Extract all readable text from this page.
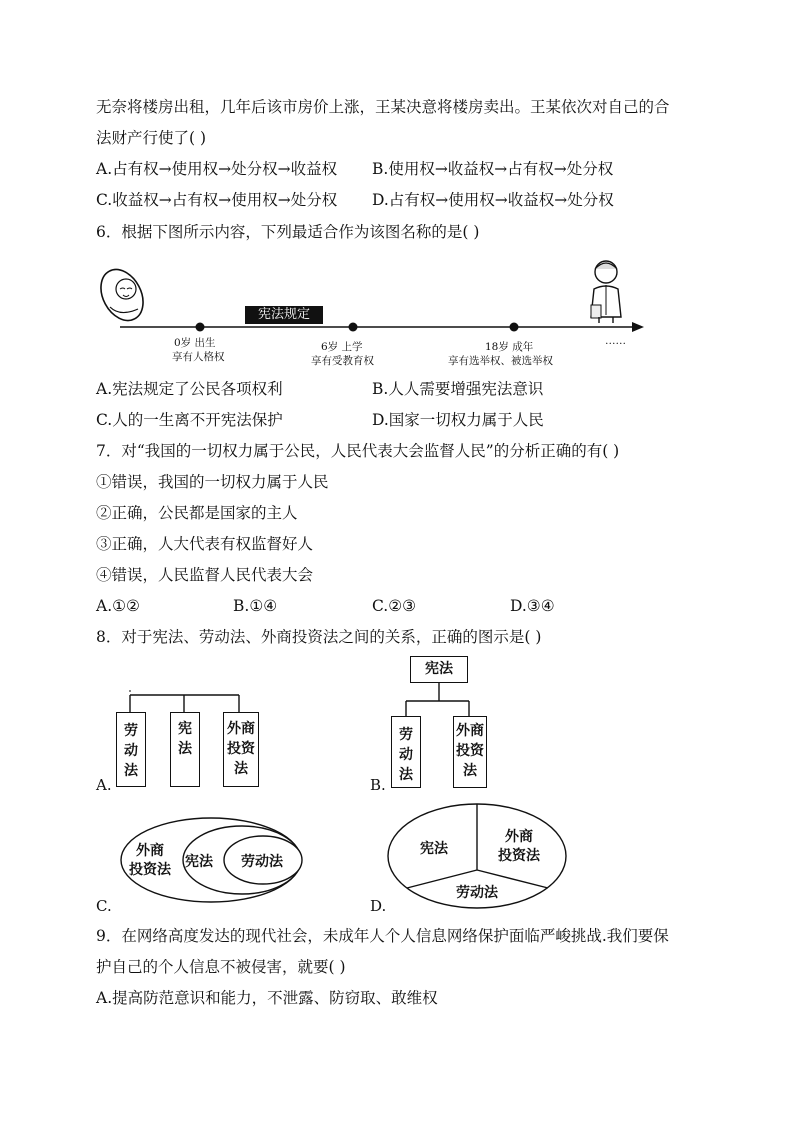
无奈将楼房出租，几年后该市房价上涨，王某决意将楼房卖出。王某依次对自己的合
法财产行使了( )
A.占有权→使用权→处分权→收益权 B.使用权→收益权→占有权→处分权
C.收益权→占有权→使用权→处分权 D.占有权→使用权→收益权→处分权
6．根据下图所示内容，下列最适合作为该图名称的是( )
宪法规定
0岁 出生
享有人格权
6岁 上学
享有受教育权
18岁 成年
享有选举权、被选举权
……
A.宪法规定了公民各项权利	B.人人需要增强宪法意识
C.人的一生离不开宪法保护	D.国家一切权力属于人民
7．对“我国的一切权力属于公民，人民代表大会监督人民”的分析正确的有( )
①错误，我国的一切权力属于人民
②正确，公民都是国家的主人
③正确，人大代表有权监督好人
④错误，人民监督人民代表大会
A.①②	B.①④	C.②③	D.③④
8．对于宪法、劳动法、外商投资法之间的关系，正确的图示是( )
劳
动
法
宪
法
外商
投资
法
A.
宪法
劳
动
法
外商
投资
法
B.
外商
投资法 宪法 劳动法
C.
宪法
外商
投资法
劳动法
D.
9．在网络高度发达的现代社会，未成年人个人信息网络保护面临严峻挑战.我们要保
护自己的个人信息不被侵害，就要( )
A.提高防范意识和能力，不泄露、防窃取、敢维权
